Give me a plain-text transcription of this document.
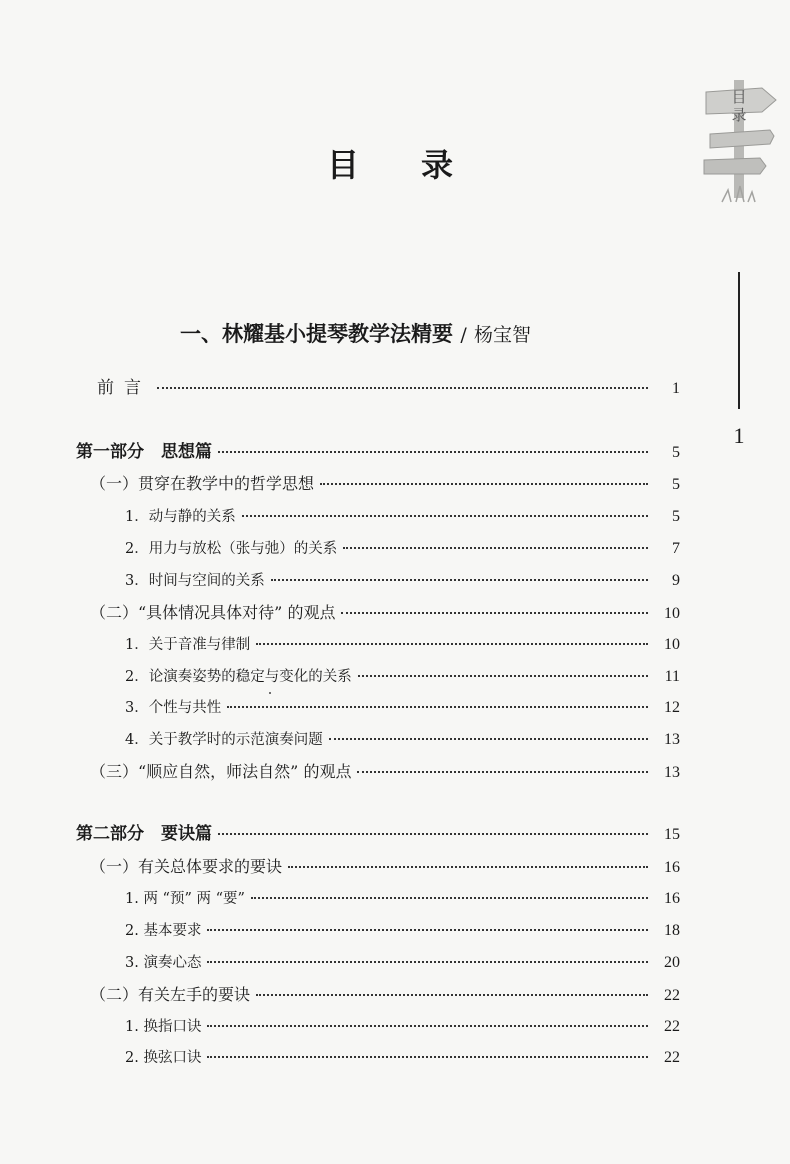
目录
目录
1
一、林耀基小提琴教学法精要 / 杨宝智
前言	1
第一部分　思想篇	5
（一）贯穿在教学中的哲学思想	5
1．动与静的关系	5
2．用力与放松（张与弛）的关系	7
3．时间与空间的关系	9
（二）“具体情况具体对待” 的观点	10
1．关于音准与律制	10
2．论演奏姿势的稳定与变化的关系	11
3．个性与共性	12
4．关于教学时的示范演奏问题	13
（三）“顺应自然，师法自然” 的观点	13
第二部分　要诀篇	15
（一）有关总体要求的要诀	16
1. 两 “预” 两 “要”	16
2. 基本要求	18
3. 演奏心态	20
（二）有关左手的要诀	22
1. 换指口诀	22
2. 换弦口诀	22
